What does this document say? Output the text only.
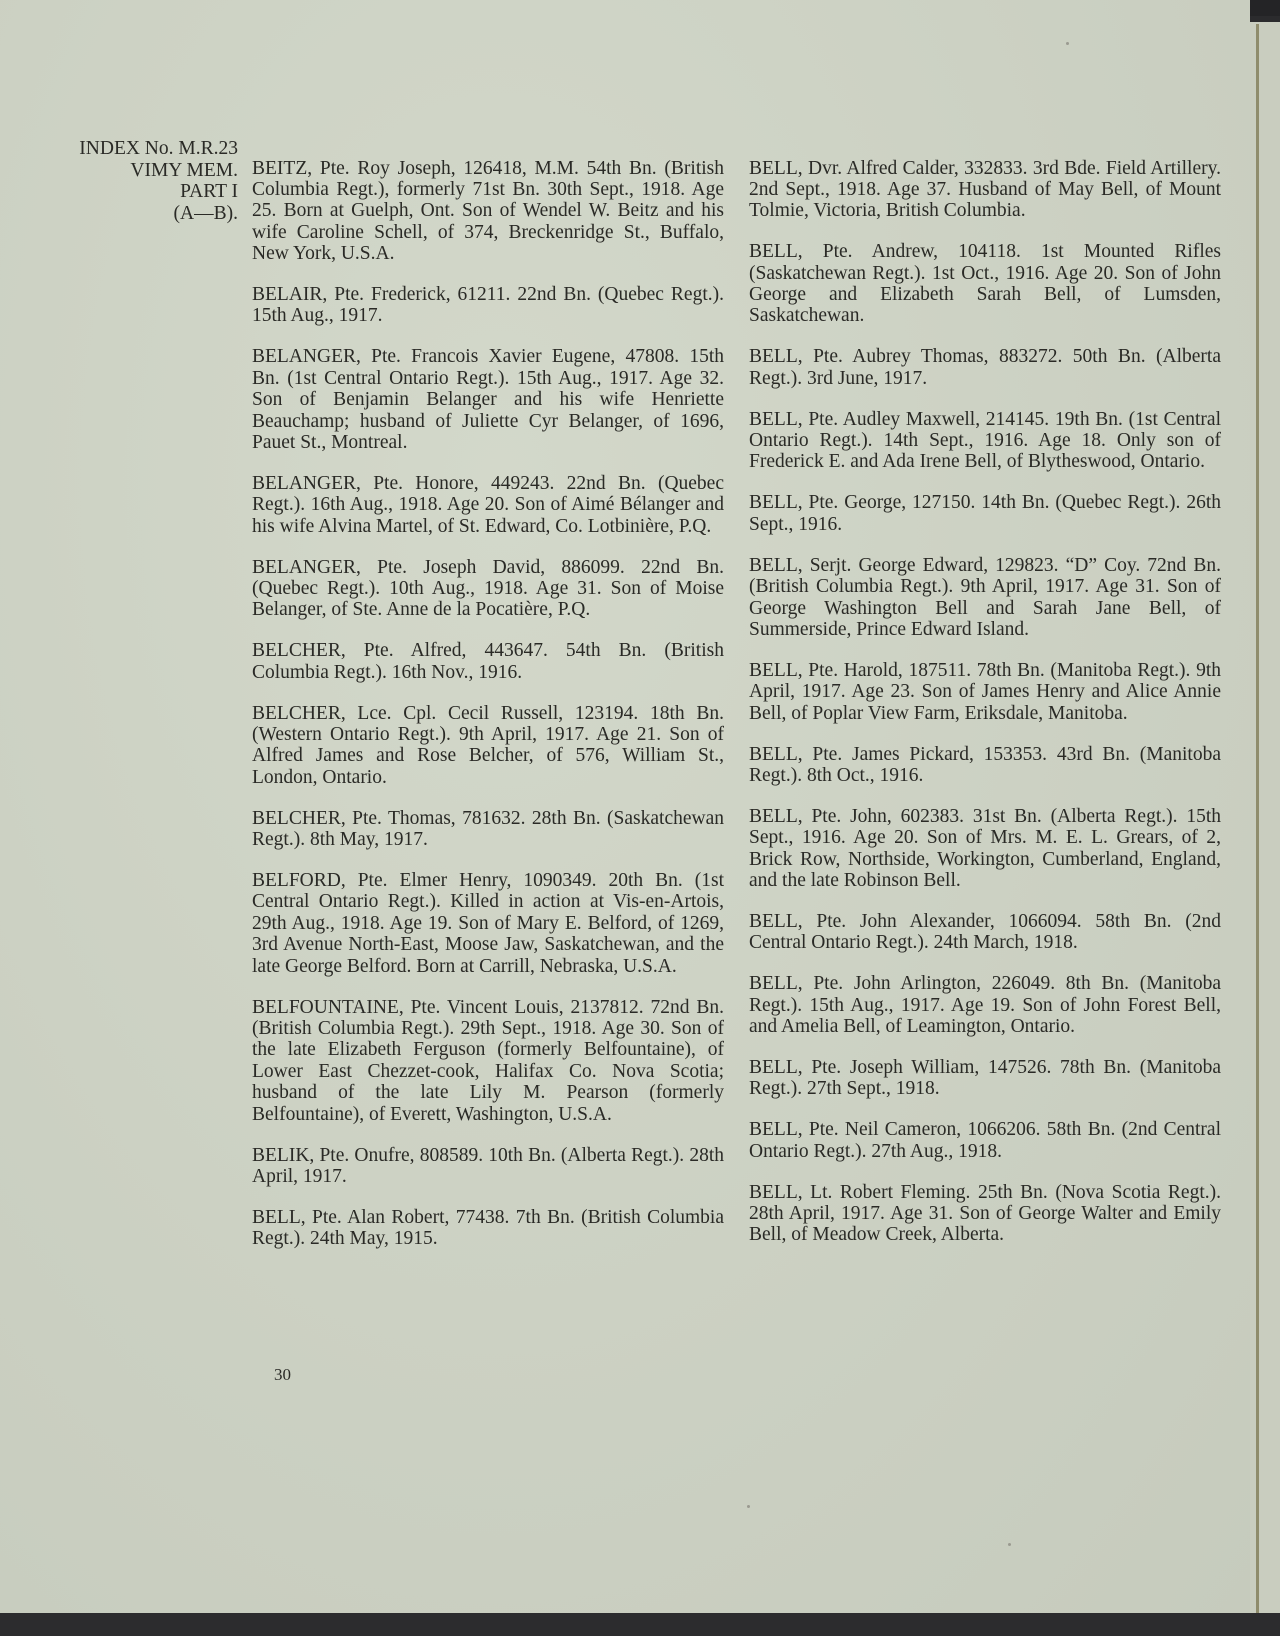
INDEX No. M.R.23
VIMY MEM.
PART I
(A—B).

BEITZ, Pte. Roy Joseph, 126418, M.M. 54th Bn. (British Columbia Regt.), formerly 71st Bn. 30th Sept., 1918. Age 25. Born at Guelph, Ont. Son of Wendel W. Beitz and his wife Caroline Schell, of 374, Breckenridge St., Buffalo, New York, U.S.A.

BELAIR, Pte. Frederick, 61211. 22nd Bn. (Quebec Regt.). 15th Aug., 1917.

BELANGER, Pte. Francois Xavier Eugene, 47808. 15th Bn. (1st Central Ontario Regt.). 15th Aug., 1917. Age 32. Son of Benjamin Belanger and his wife Henriette Beauchamp; husband of Juliette Cyr Belanger, of 1696, Pauet St., Montreal.

BELANGER, Pte. Honore, 449243. 22nd Bn. (Quebec Regt.). 16th Aug., 1918. Age 20. Son of Aimé Bélanger and his wife Alvina Martel, of St. Edward, Co. Lotbinière, P.Q.

BELANGER, Pte. Joseph David, 886099. 22nd Bn. (Quebec Regt.). 10th Aug., 1918. Age 31. Son of Moise Belanger, of Ste. Anne de la Pocatière, P.Q.

BELCHER, Pte. Alfred, 443647. 54th Bn. (British Columbia Regt.). 16th Nov., 1916.

BELCHER, Lce. Cpl. Cecil Russell, 123194. 18th Bn. (Western Ontario Regt.). 9th April, 1917. Age 21. Son of Alfred James and Rose Belcher, of 576, William St., London, Ontario.

BELCHER, Pte. Thomas, 781632. 28th Bn. (Saskatchewan Regt.). 8th May, 1917.

BELFORD, Pte. Elmer Henry, 1090349. 20th Bn. (1st Central Ontario Regt.). Killed in action at Vis-en-Artois, 29th Aug., 1918. Age 19. Son of Mary E. Belford, of 1269, 3rd Avenue North-East, Moose Jaw, Saskatchewan, and the late George Belford. Born at Carrill, Nebraska, U.S.A.

BELFOUNTAINE, Pte. Vincent Louis, 2137812. 72nd Bn. (British Columbia Regt.). 29th Sept., 1918. Age 30. Son of the late Elizabeth Ferguson (formerly Belfountaine), of Lower East Chezzet-cook, Halifax Co. Nova Scotia; husband of the late Lily M. Pearson (formerly Belfountaine), of Everett, Washington, U.S.A.

BELIK, Pte. Onufre, 808589. 10th Bn. (Alberta Regt.). 28th April, 1917.

BELL, Pte. Alan Robert, 77438. 7th Bn. (British Columbia Regt.). 24th May, 1915.

BELL, Dvr. Alfred Calder, 332833. 3rd Bde. Field Artillery. 2nd Sept., 1918. Age 37. Husband of May Bell, of Mount Tolmie, Victoria, British Columbia.

BELL, Pte. Andrew, 104118. 1st Mounted Rifles (Saskatchewan Regt.). 1st Oct., 1916. Age 20. Son of John George and Elizabeth Sarah Bell, of Lumsden, Saskatchewan.

BELL, Pte. Aubrey Thomas, 883272. 50th Bn. (Alberta Regt.). 3rd June, 1917.

BELL, Pte. Audley Maxwell, 214145. 19th Bn. (1st Central Ontario Regt.). 14th Sept., 1916. Age 18. Only son of Frederick E. and Ada Irene Bell, of Blytheswood, Ontario.

BELL, Pte. George, 127150. 14th Bn. (Quebec Regt.). 26th Sept., 1916.

BELL, Serjt. George Edward, 129823. “D” Coy. 72nd Bn. (British Columbia Regt.). 9th April, 1917. Age 31. Son of George Washington Bell and Sarah Jane Bell, of Summerside, Prince Edward Island.

BELL, Pte. Harold, 187511. 78th Bn. (Manitoba Regt.). 9th April, 1917. Age 23. Son of James Henry and Alice Annie Bell, of Poplar View Farm, Eriksdale, Manitoba.

BELL, Pte. James Pickard, 153353. 43rd Bn. (Manitoba Regt.). 8th Oct., 1916.

BELL, Pte. John, 602383. 31st Bn. (Alberta Regt.). 15th Sept., 1916. Age 20. Son of Mrs. M. E. L. Grears, of 2, Brick Row, Northside, Workington, Cumberland, England, and the late Robinson Bell.

BELL, Pte. John Alexander, 1066094. 58th Bn. (2nd Central Ontario Regt.). 24th March, 1918.

BELL, Pte. John Arlington, 226049. 8th Bn. (Manitoba Regt.). 15th Aug., 1917. Age 19. Son of John Forest Bell, and Amelia Bell, of Leamington, Ontario.

BELL, Pte. Joseph William, 147526. 78th Bn. (Manitoba Regt.). 27th Sept., 1918.

BELL, Pte. Neil Cameron, 1066206. 58th Bn. (2nd Central Ontario Regt.). 27th Aug., 1918.

BELL, Lt. Robert Fleming. 25th Bn. (Nova Scotia Regt.). 28th April, 1917. Age 31. Son of George Walter and Emily Bell, of Meadow Creek, Alberta.

30
